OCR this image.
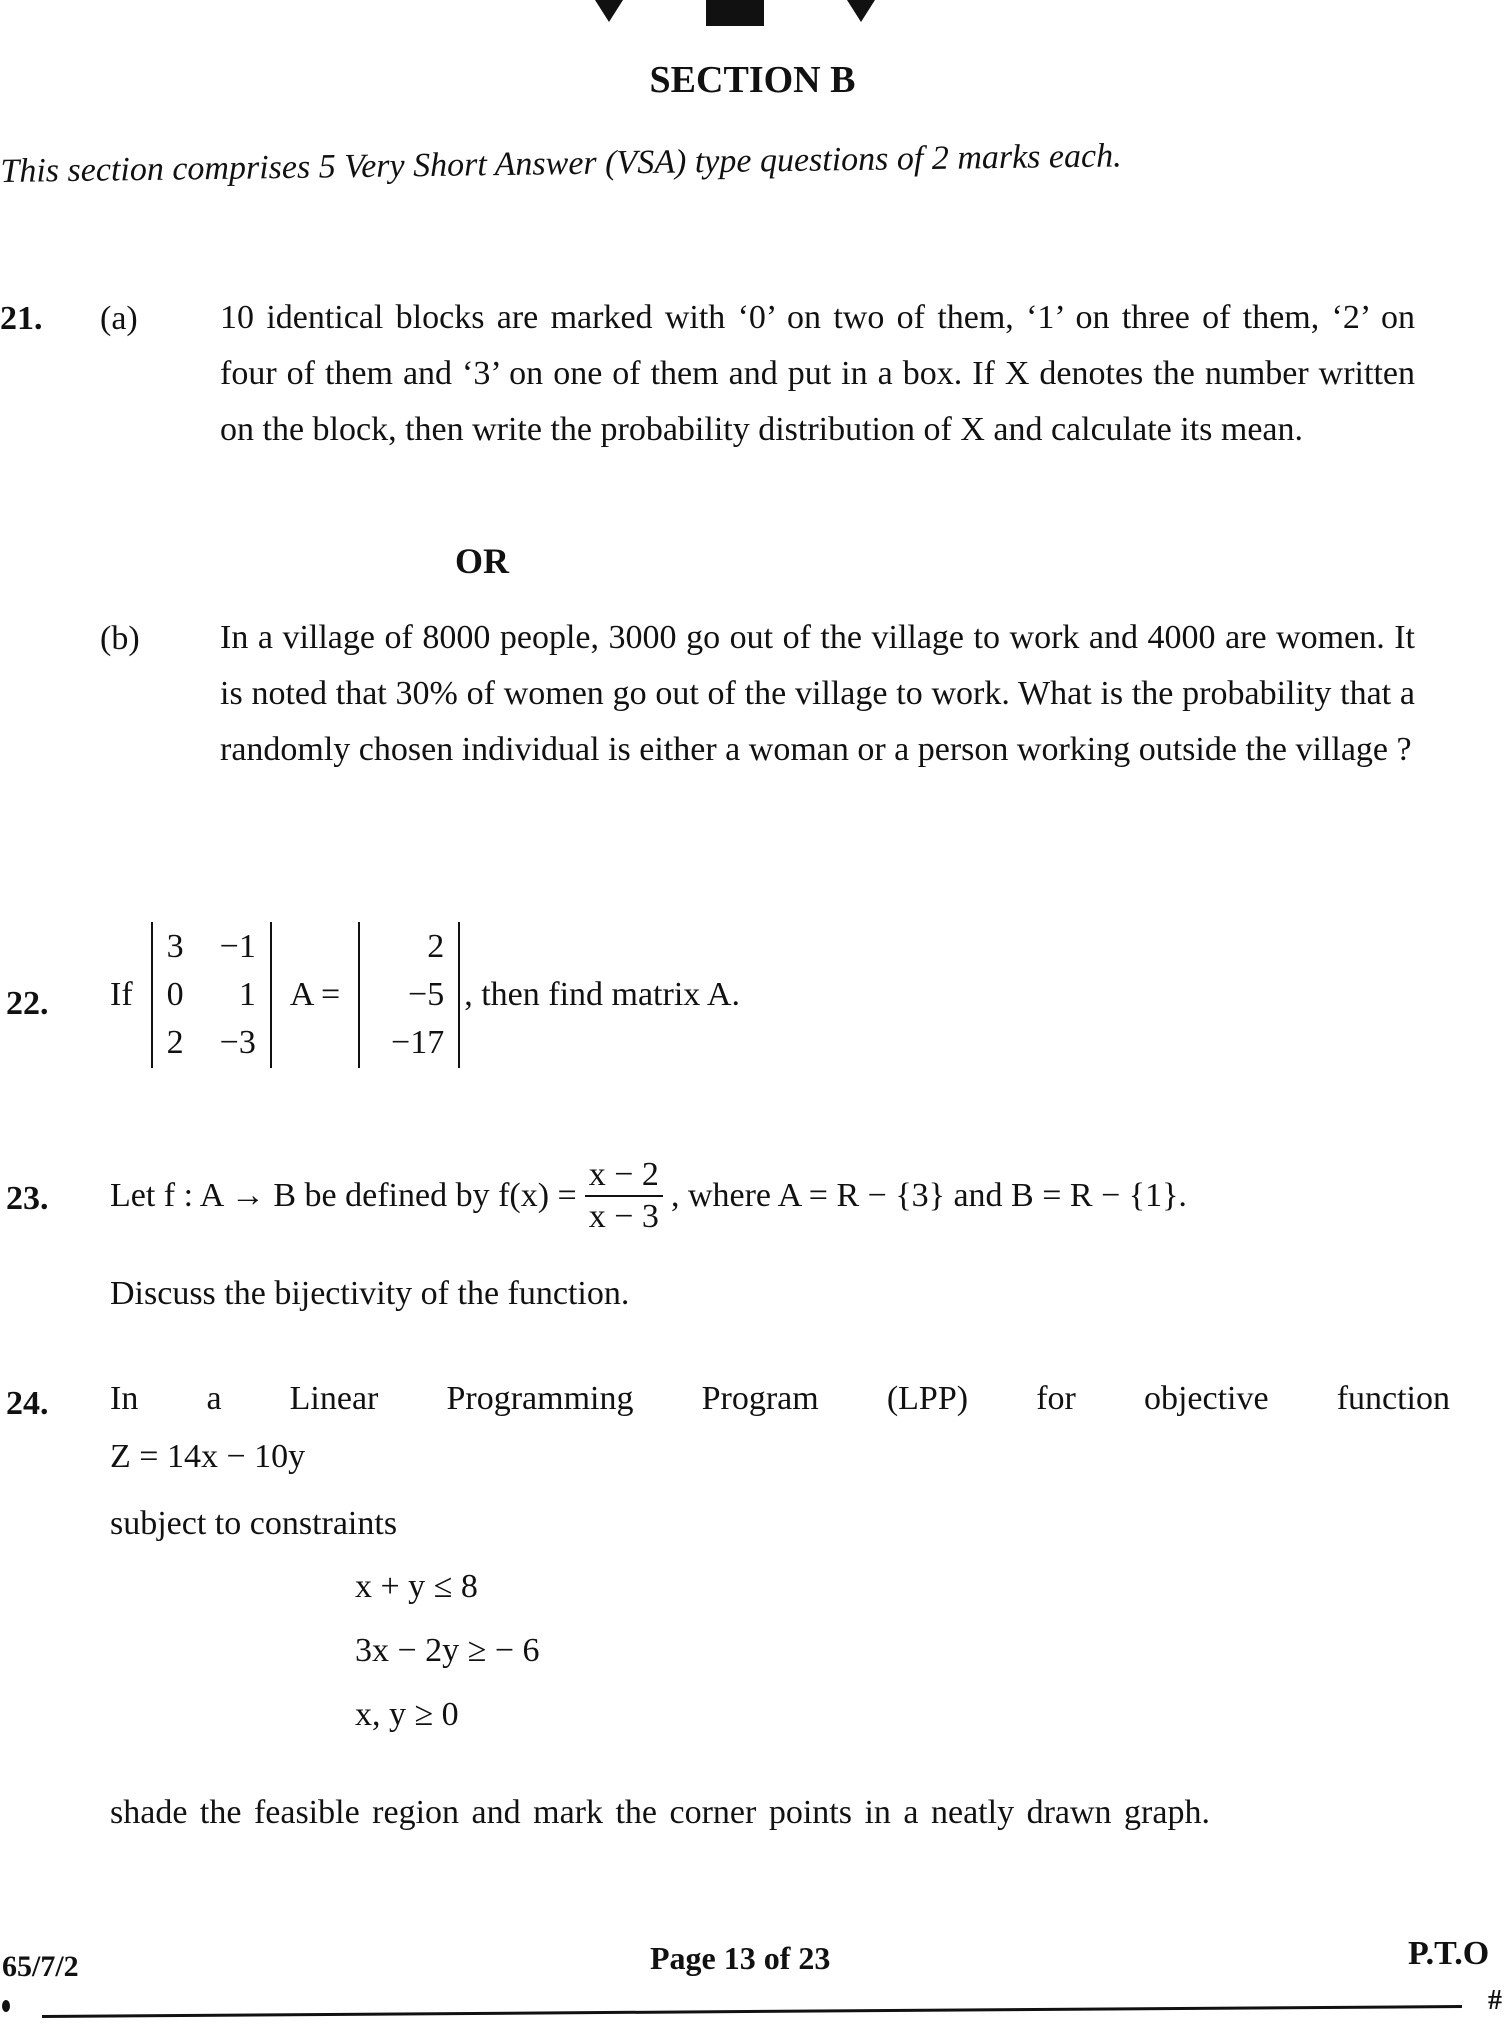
SECTION B
This section comprises 5 Very Short Answer (VSA) type questions of 2 marks each.
21. (a) 10 identical blocks are marked with ‘0’ on two of them, ‘1’ on three of them, ‘2’ on four of them and ‘3’ on one of them and put in a box. If X denotes the number written on the block, then write the probability distribution of X and calculate its mean.
OR
(b) In a village of 8000 people, 3000 go out of the village to work and 4000 are women. It is noted that 30% of women go out of the village to work. What is the probability that a randomly chosen individual is either a woman or a person working outside the village ?
22. If
3 −1
0	1
2 −3
A =
2
−5
−17
, then find matrix A.
23. Let f : A → B be defined by $f(x) = \frac{x - 2}{x - 3}$ , where A = R − {3} and B = R − {1}.
Discuss the bijectivity of the function.
24. In a Linear Programming Program (LPP) for objective function
Z = 14x − 10y
subject to constraints
x + y ≤ 8
3x − 2y ≥ − 6
x, y ≥ 0
shade the feasible region and mark the corner points in a neatly drawn graph.
65/7/2	Page 13 of 23	P.T.O
#
